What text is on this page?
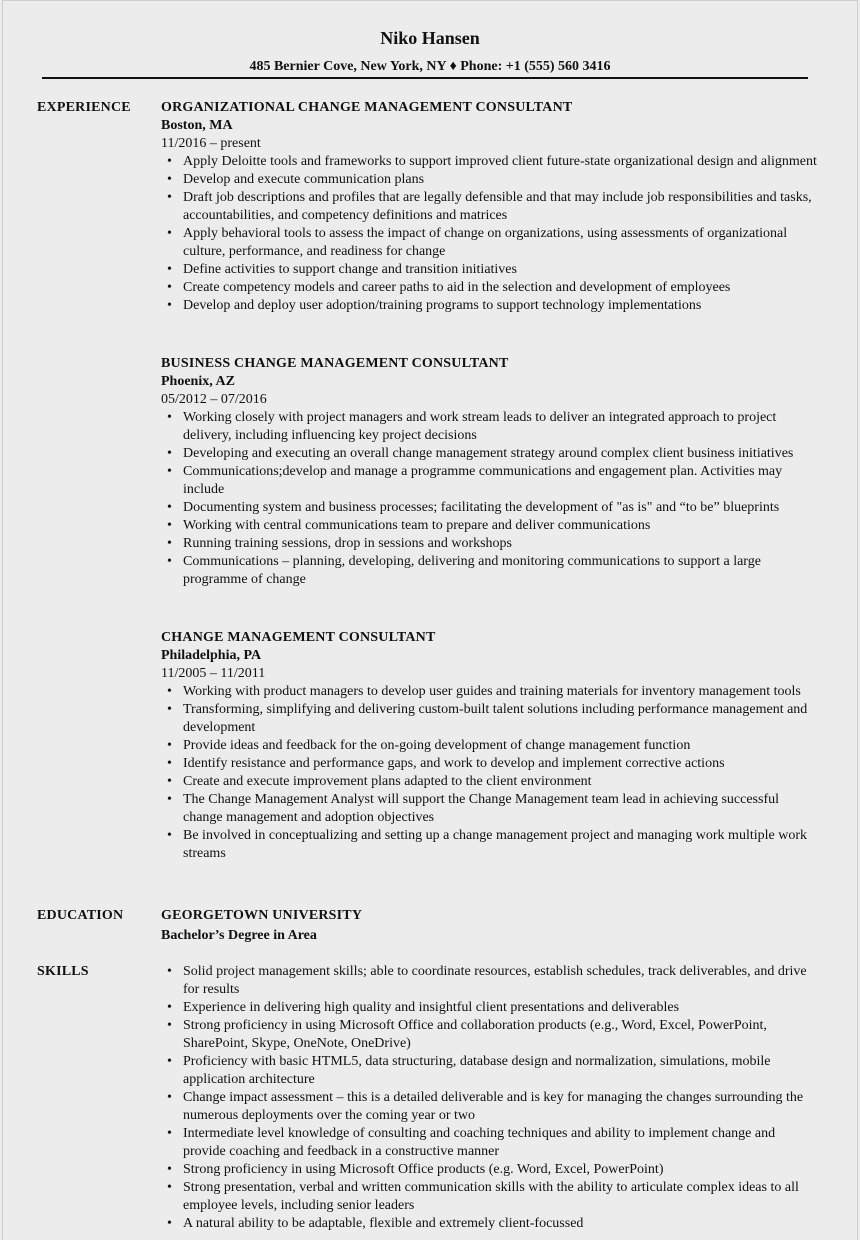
Niko Hansen
485 Bernier Cove, New York, NY ♦ Phone: +1 (555) 560 3416
EXPERIENCE ORGANIZATIONAL CHANGE MANAGEMENT CONSULTANT
Boston, MA
11/2016 – present
• Apply Deloitte tools and frameworks to support improved client future-state organizational design and alignment
• Develop and execute communication plans
• Draft job descriptions and profiles that are legally defensible and that may include job responsibilities and tasks, accountabilities, and competency definitions and matrices
• Apply behavioral tools to assess the impact of change on organizations, using assessments of organizational culture, performance, and readiness for change
• Define activities to support change and transition initiatives
• Create competency models and career paths to aid in the selection and development of employees
• Develop and deploy user adoption/training programs to support technology implementations
BUSINESS CHANGE MANAGEMENT CONSULTANT
Phoenix, AZ
05/2012 – 07/2016
• Working closely with project managers and work stream leads to deliver an integrated approach to project delivery, including influencing key project decisions
• Developing and executing an overall change management strategy around complex client business initiatives
• Communications;develop and manage a programme communications and engagement plan. Activities may include
• Documenting system and business processes; facilitating the development of "as is" and “to be” blueprints
• Working with central communications team to prepare and deliver communications
• Running training sessions, drop in sessions and workshops
• Communications – planning, developing, delivering and monitoring communications to support a large programme of change
CHANGE MANAGEMENT CONSULTANT
Philadelphia, PA
11/2005 – 11/2011
• Working with product managers to develop user guides and training materials for inventory management tools
• Transforming, simplifying and delivering custom-built talent solutions including performance management and development
• Provide ideas and feedback for the on-going development of change management function
• Identify resistance and performance gaps, and work to develop and implement corrective actions
• Create and execute improvement plans adapted to the client environment
• The Change Management Analyst will support the Change Management team lead in achieving successful change management and adoption objectives
• Be involved in conceptualizing and setting up a change management project and managing work multiple work streams
EDUCATION	GEORGETOWN UNIVERSITY
Bachelor’s Degree in Area
SKILLS	• Solid project management skills; able to coordinate resources, establish schedules, track deliverables, and drive for results
• Experience in delivering high quality and insightful client presentations and deliverables
• Strong proficiency in using Microsoft Office and collaboration products (e.g., Word, Excel, PowerPoint, SharePoint, Skype, OneNote, OneDrive)
• Proficiency with basic HTML5, data structuring, database design and normalization, simulations, mobile application architecture
• Change impact assessment – this is a detailed deliverable and is key for managing the changes surrounding the numerous deployments over the coming year or two
• Intermediate level knowledge of consulting and coaching techniques and ability to implement change and provide coaching and feedback in a constructive manner
• Strong proficiency in using Microsoft Office products (e.g. Word, Excel, PowerPoint)
• Strong presentation, verbal and written communication skills with the ability to articulate complex ideas to all employee levels, including senior leaders
• A natural ability to be adaptable, flexible and extremely client-focussed
